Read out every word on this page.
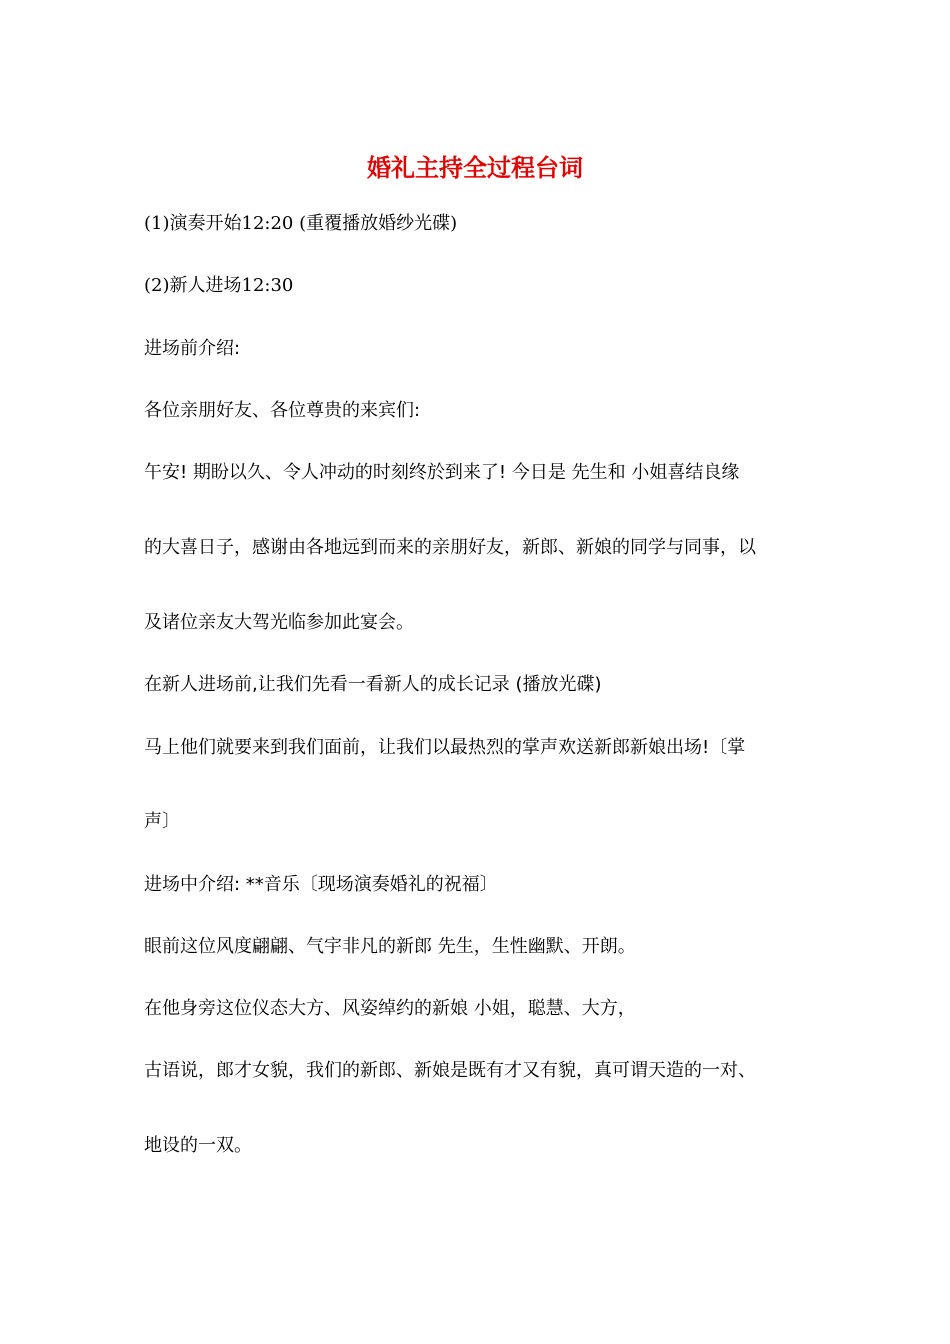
婚礼主持全过程台词
(1)演奏开始12:20 (重覆播放婚纱光碟)
(2)新人进场12:30
进场前介绍:
各位亲朋好友、各位尊贵的来宾们:
午安! 期盼以久、令人冲动的时刻终於到来了! 今日是 先生和 小姐喜结良缘
的大喜日子，感谢由各地远到而来的亲朋好友，新郎、新娘的同学与同事，以
及诸位亲友大驾光临参加此宴会。
在新人进场前,让我们先看一看新人的成长记录 (播放光碟)
马上他们就要来到我们面前，让我们以最热烈的掌声欢送新郎新娘出场!〔掌
声〕
进场中介绍: **音乐〔现场演奏婚礼的祝福〕
眼前这位风度翩翩、气宇非凡的新郎 先生，生性幽默、开朗。
在他身旁这位仪态大方、风姿绰约的新娘 小姐，聪慧、大方，
古语说，郎才女貌，我们的新郎、新娘是既有才又有貌，真可谓天造的一对、
地设的一双。
